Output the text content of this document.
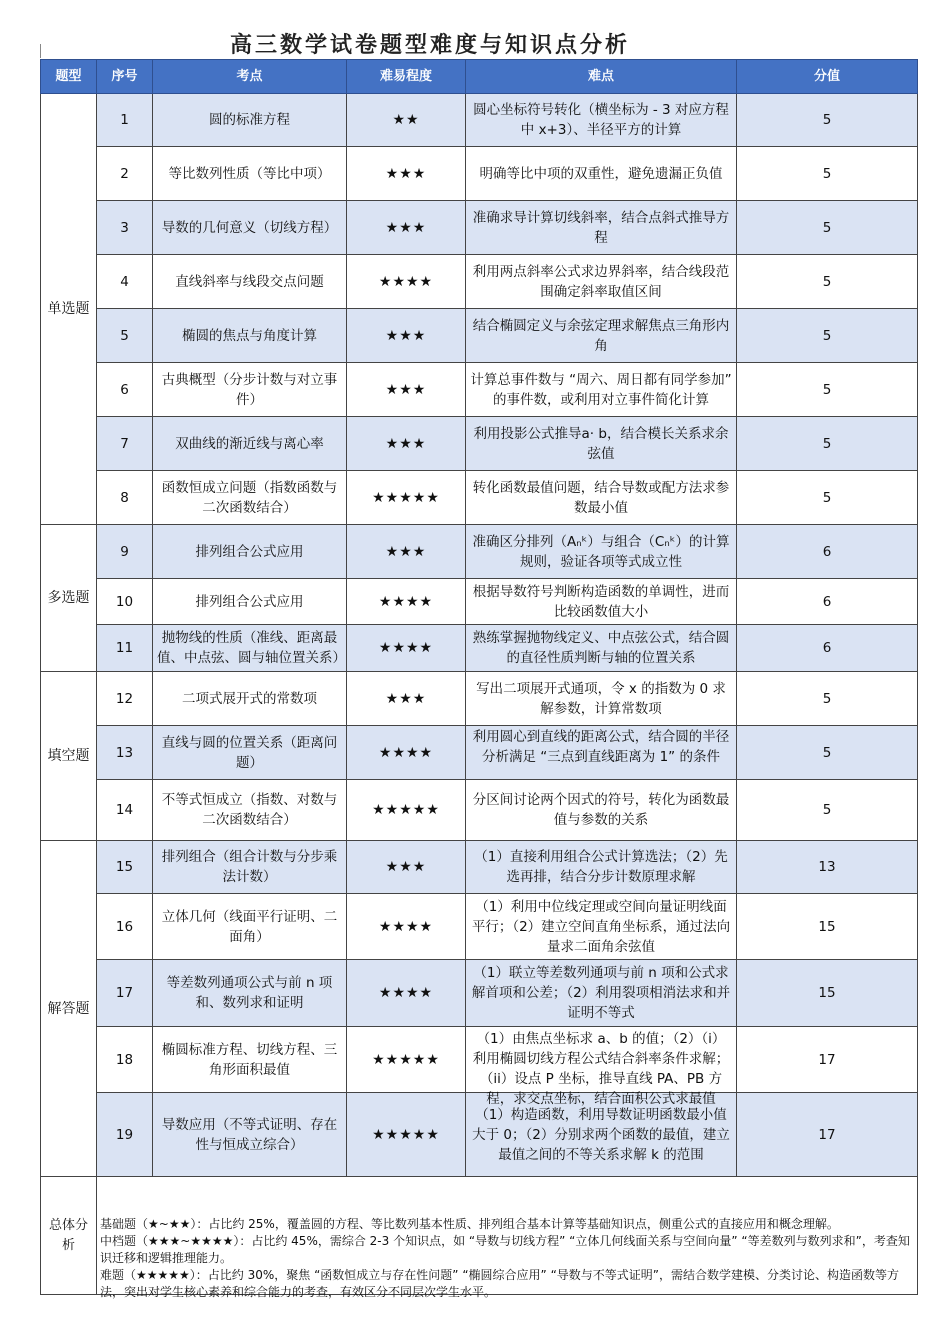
高三数学试卷题型难度与知识点分析
题型	序号	考点	难易程度	难点	分值
单选题	1	圆的标准方程	★★	圆心坐标符号转化（横坐标为 - 3 对应方程中 x+3）、半径平方的计算	5
	2	等比数列性质（等比中项）	★★★	明确等比中项的双重性，避免遗漏正负值	5
	3	导数的几何意义（切线方程）	★★★	准确求导计算切线斜率，结合点斜式推导方程	5
	4	直线斜率与线段交点问题	★★★★	利用两点斜率公式求边界斜率，结合线段范围确定斜率取值区间	5
	5	椭圆的焦点与角度计算	★★★	结合椭圆定义与余弦定理求解焦点三角形内角	5
	6	古典概型（分步计数与对立事件）	★★★	计算总事件数与 “周六、周日都有同学参加” 的事件数，或利用对立事件简化计算	5
	7	双曲线的渐近线与离心率	★★★	利用投影公式推导a· b，结合模长关系求余弦值	5
	8	函数恒成立问题（指数函数与二次函数结合）	★★★★★	转化函数最值问题，结合导数或配方法求参数最小值	5
多选题	9	排列组合公式应用	★★★	准确区分排列（Aₙᵏ）与组合（Cₙᵏ）的计算规则，验证各项等式成立性	6
	10	排列组合公式应用	★★★★	根据导数符号判断构造函数的单调性，进而比较函数值大小	6
	11	抛物线的性质（准线、距离最值、中点弦、圆与轴位置关系）	★★★★	熟练掌握抛物线定义、中点弦公式，结合圆的直径性质判断与轴的位置关系	6
填空题	12	二项式展开式的常数项	★★★	写出二项展开式通项，令 x 的指数为 0 求解参数，计算常数项	5
	13	直线与圆的位置关系（距离问题）	★★★★	利用圆心到直线的距离公式，结合圆的半径分析满足 “三点到直线距离为 1” 的条件	5
	14	不等式恒成立（指数、对数与二次函数结合）	★★★★★	分区间讨论两个因式的符号，转化为函数最值与参数的关系	5
解答题	15	排列组合（组合计数与分步乘法计数）	★★★	（1）直接利用组合公式计算选法；（2）先选再排，结合分步计数原理求解	13
	16	立体几何（线面平行证明、二面角）	★★★★	（1）利用中位线定理或空间向量证明线面平行；（2）建立空间直角坐标系，通过法向量求二面角余弦值	15
	17	等差数列通项公式与前 n 项和、数列求和证明	★★★★	（1）联立等差数列通项与前 n 项和公式求解首项和公差；（2）利用裂项相消法求和并证明不等式	15
	18	椭圆标准方程、切线方程、三角形面积最值	★★★★★	（1）由焦点坐标求 a、b 的值；（2）（i）利用椭圆切线方程公式结合斜率条件求解；（ii）设点 P 坐标，推导直线 PA、PB 方程，求交点坐标，结合面积公式求最值	17
	19	导数应用（不等式证明、存在性与恒成立综合）	★★★★★	（1）构造函数，利用导数证明函数最小值大于 0；（2）分别求两个函数的最值，建立最值之间的不等关系求解 k 的范围	17
总体分析	基础题（★~★★）：占比约 25%，覆盖圆的方程、等比数列基本性质、排列组合基本计算等基础知识点，侧重公式的直接应用和概念理解。

中档题（★★★~★★★★）：占比约 45%，需综合 2-3 个知识点，如 “导数与切线方程” “立体几何线面关系与空间向量” “等差数列与数列求和”，考查知识迁移和逻辑推理能力。

难题（★★★★★）：占比约 30%，聚焦 “函数恒成立与存在性问题” “椭圆综合应用” “导数与不等式证明”，需结合数学建模、分类讨论、构造函数等方法，突出对学生核心素养和综合能力的考查，有效区分不同层次学生水平。				
